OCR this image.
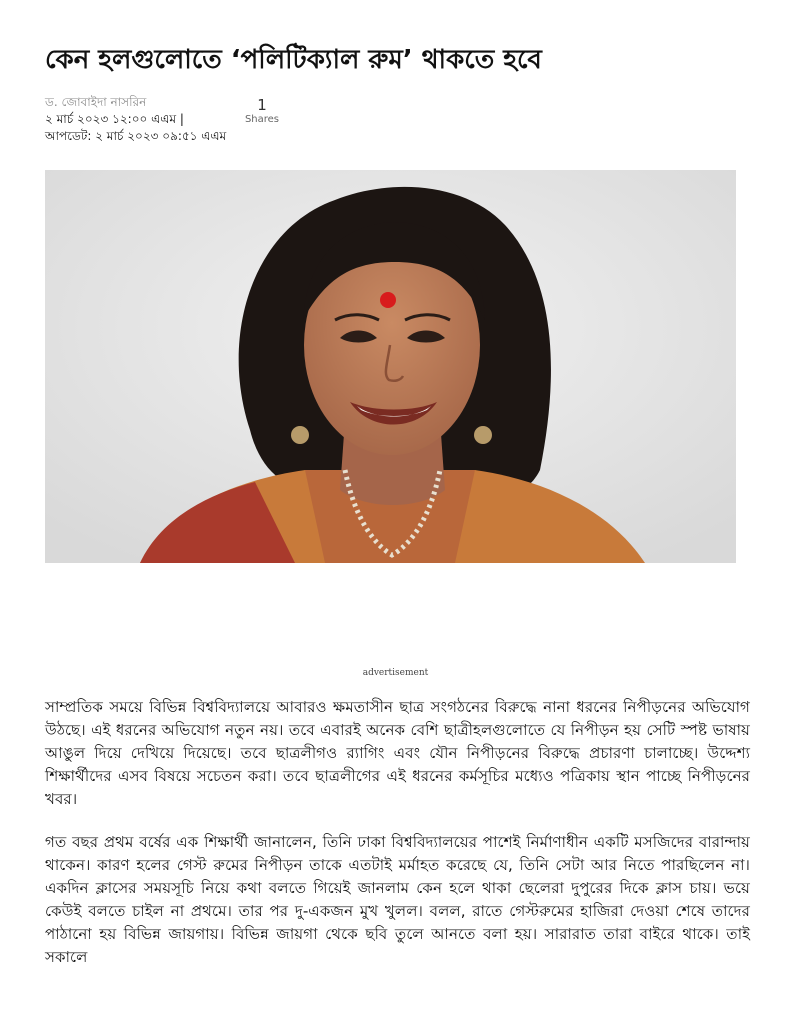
কেন হলগুলোতে ‘পলিটিক্যাল রুম’ থাকতে হবে
ড. জোবাইদা নাসরিন
২ মার্চ ২০২৩ ১২:০০ এএম |
আপডেট: ২ মার্চ ২০২৩ ০৯:৫১ এএম
1
Shares
advertisement

সাম্প্রতিক সময়ে বিভিন্ন বিশ্ববিদ্যালয়ে আবারও ক্ষমতাসীন ছাত্র সংগঠনের বিরুদ্ধে নানা ধরনের নিপীড়নের অভিযোগ উঠছে। এই ধরনের অভিযোগ নতুন নয়। তবে এবারই অনেক বেশি ছাত্রীহলগুলোতে যে নিপীড়ন হয় সেটি স্পষ্ট ভাষায় আঙুল দিয়ে দেখিয়ে দিয়েছে। তবে ছাত্রলীগও র‍্যাগিং এবং যৌন নিপীড়নের বিরুদ্ধে প্রচারণা চালাচ্ছে। উদ্দেশ্য শিক্ষার্থীদের এসব বিষয়ে সচেতন করা। তবে ছাত্রলীগের এই ধরনের কর্মসূচির মধ্যেও পত্রিকায় স্থান পাচ্ছে নিপীড়নের খবর।

গত বছর প্রথম বর্ষের এক শিক্ষার্থী জানালেন, তিনি ঢাকা বিশ্ববিদ্যালয়ের পাশেই নির্মাণাধীন একটি মসজিদের বারান্দায় থাকেন। কারণ হলের গেস্ট রুমের নিপীড়ন তাকে এতটাই মর্মাহত করেছে যে, তিনি সেটা আর নিতে পারছিলেন না। একদিন ক্লাসের সময়সূচি নিয়ে কথা বলতে গিয়েই জানলাম কেন হলে থাকা ছেলেরা দুপুরের দিকে ক্লাস চায়। ভয়ে কেউই বলতে চাইল না প্রথমে। তার পর দু-একজন মুখ খুলল। বলল, রাতে গেস্টরুমের হাজিরা দেওয়া শেষে তাদের পাঠানো হয় বিভিন্ন জায়গায়। বিভিন্ন জায়গা থেকে ছবি তুলে আনতে বলা হয়। সারারাত তারা বাইরে থাকে। তাই সকালে
